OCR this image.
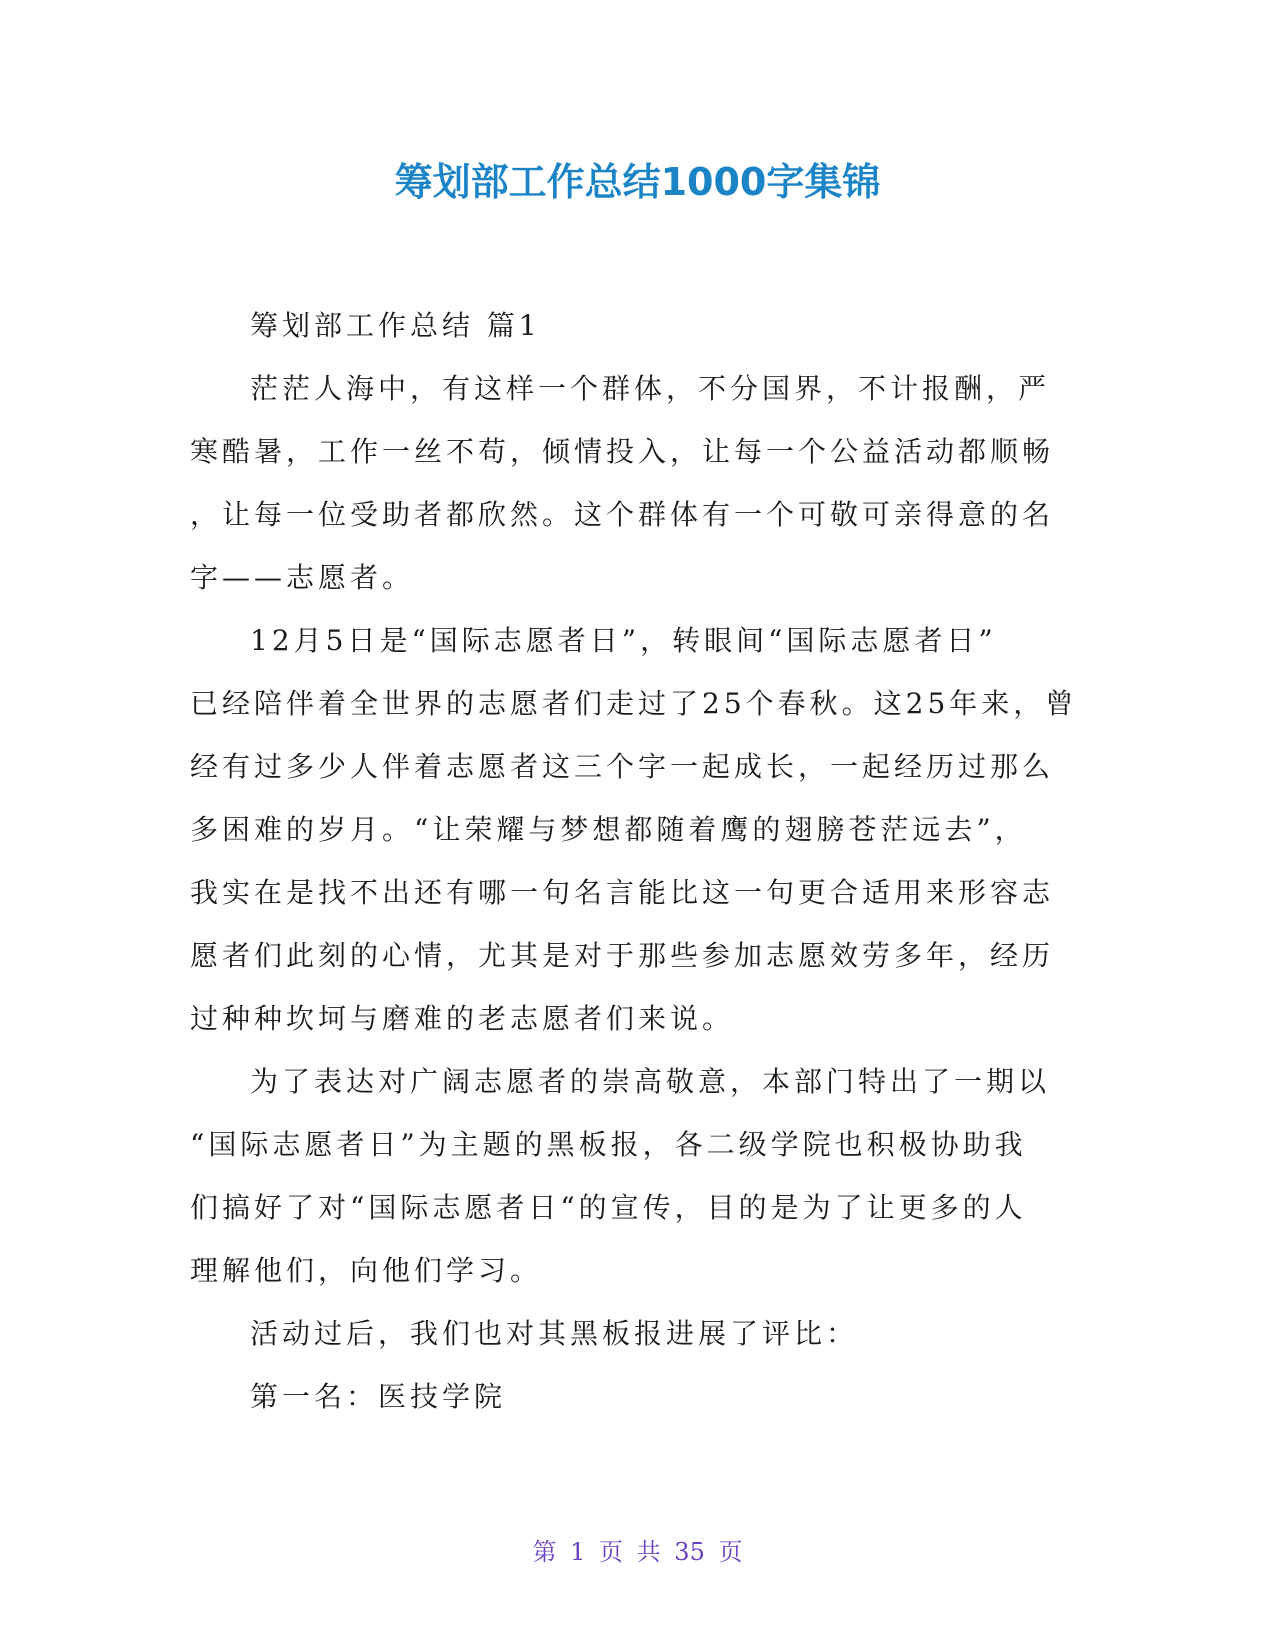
筹划部工作总结1000字集锦
筹划部工作总结 篇1
茫茫人海中，有这样一个群体，不分国界，不计报酬，严
寒酷暑，工作一丝不苟，倾情投入，让每一个公益活动都顺畅
，让每一位受助者都欣然。这个群体有一个可敬可亲得意的名
字——志愿者。
12月5日是“国际志愿者日”，转眼间“国际志愿者日”
已经陪伴着全世界的志愿者们走过了25个春秋。这25年来，曾
经有过多少人伴着志愿者这三个字一起成长，一起经历过那么
多困难的岁月。“让荣耀与梦想都随着鹰的翅膀苍茫远去”，
我实在是找不出还有哪一句名言能比这一句更合适用来形容志
愿者们此刻的心情，尤其是对于那些参加志愿效劳多年，经历
过种种坎坷与磨难的老志愿者们来说。
为了表达对广阔志愿者的崇高敬意，本部门特出了一期以
“国际志愿者日”为主题的黑板报，各二级学院也积极协助我
们搞好了对“国际志愿者日“的宣传，目的是为了让更多的人
理解他们，向他们学习。
活动过后，我们也对其黑板报进展了评比：
第一名：医技学院
第 1 页 共 35 页
